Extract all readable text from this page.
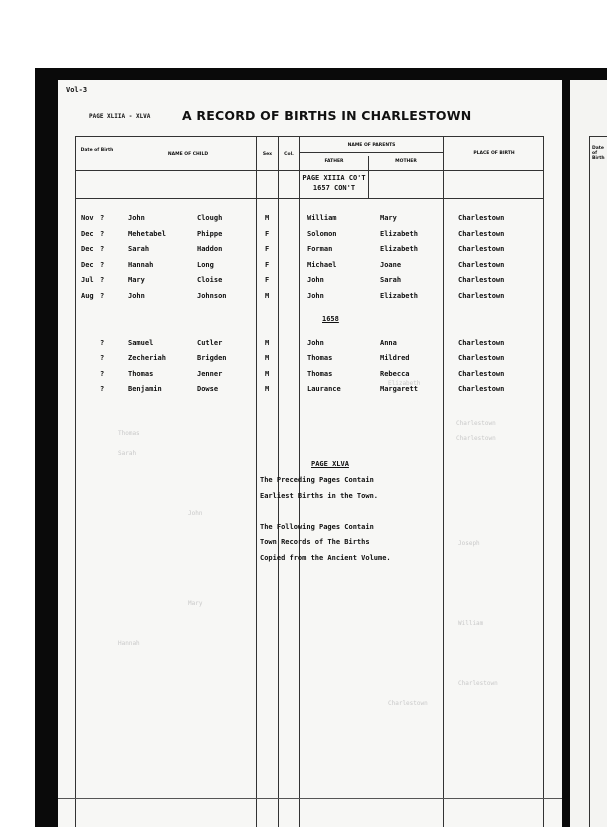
Vol-3
PAGE XLIIA - XLVA	A RECORD OF BIRTHS IN CHARLESTOWN
Charlestown
Charlestown
Elizabeth
Thomas
Sarah
John
Mary
Hannah
Joseph
William
Charlestown
Charlestown
Date of Birth
NAME OF CHILD	Sex	Col.
NAME OF PARENTS
FATHER	MOTHER
PLACE OF BIRTH
PAGE XIIIA CO'T
1657 CON'T
Nov ?	John	Clough	M	William	Mary	Charlestown
Dec ?	Mehetabel	Phippe	F	Solomon	Elizabeth	Charlestown
Dec ?	Sarah	Haddon	F	Forman	Elizabeth	Charlestown
Dec ?	Hannah	Long	F	Michael	Joane	Charlestown
Jul ?	Mary	Cloise	F	John	Sarah	Charlestown
Aug ?	John	Johnson	M	John	Elizabeth	Charlestown
1658
?	Samuel	Cutler	M	John	Anna	Charlestown
?	Zecheriah	Brigden	M	Thomas	Mildred	Charlestown
?	Thomas	Jenner	M	Thomas	Rebecca	Charlestown
?	Benjamin	Dowse	M	Laurance	Margarett	Charlestown
PAGE XLVA
The Preceding Pages Contain
Earliest Births in the Town.
The Following Pages Contain
Town Records of The Births
Copied from the Ancient Volume.
Date of Birth
